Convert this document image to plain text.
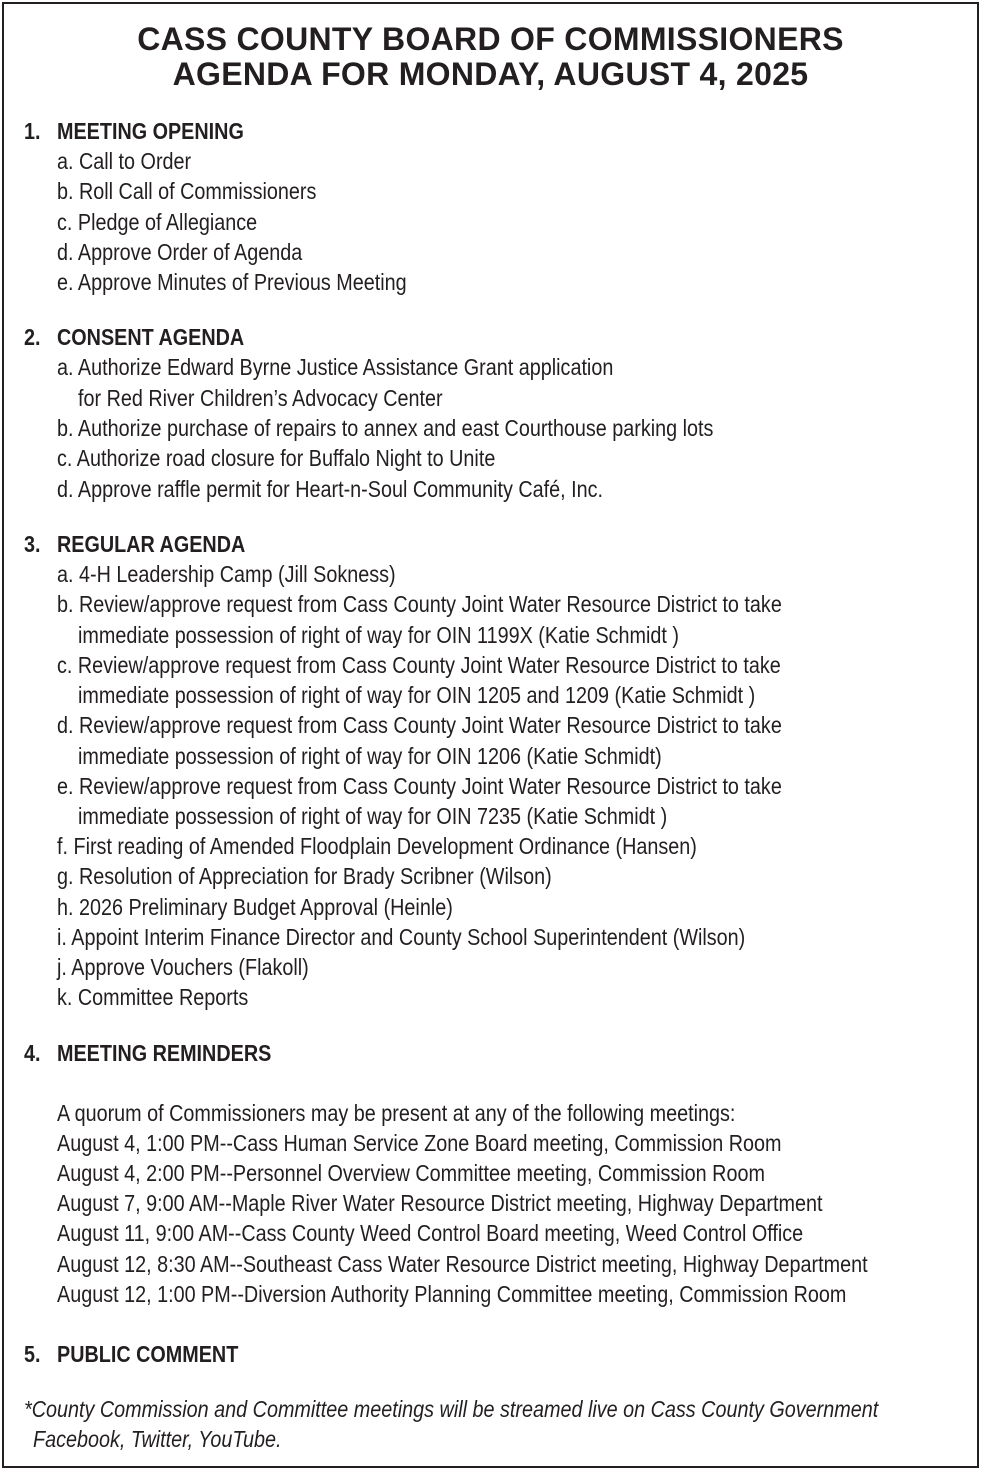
CASS COUNTY BOARD OF COMMISSIONERS
AGENDA FOR MONDAY, AUGUST 4, 2025
1. MEETING OPENING
a. Call to Order
b. Roll Call of Commissioners
c. Pledge of Allegiance
d. Approve Order of Agenda
e. Approve Minutes of Previous Meeting
2. CONSENT AGENDA
a. Authorize Edward Byrne Justice Assistance Grant application
for Red River Children’s Advocacy Center
b. Authorize purchase of repairs to annex and east Courthouse parking lots
c. Authorize road closure for Buffalo Night to Unite
d. Approve raffle permit for Heart-n-Soul Community Café, Inc.
3. REGULAR AGENDA
a. 4-H Leadership Camp (Jill Sokness)
b. Review/approve request from Cass County Joint Water Resource District to take
immediate possession of right of way for OIN 1199X (Katie Schmidt )
c. Review/approve request from Cass County Joint Water Resource District to take
immediate possession of right of way for OIN 1205 and 1209 (Katie Schmidt )
d. Review/approve request from Cass County Joint Water Resource District to take
immediate possession of right of way for OIN 1206 (Katie Schmidt)
e. Review/approve request from Cass County Joint Water Resource District to take
immediate possession of right of way for OIN 7235 (Katie Schmidt )
f. First reading of Amended Floodplain Development Ordinance (Hansen)
g. Resolution of Appreciation for Brady Scribner (Wilson)
h. 2026 Preliminary Budget Approval (Heinle)
i. Appoint Interim Finance Director and County School Superintendent (Wilson)
j. Approve Vouchers (Flakoll)
k. Committee Reports
4. MEETING REMINDERS
A quorum of Commissioners may be present at any of the following meetings:
August 4, 1:00 PM--Cass Human Service Zone Board meeting, Commission Room
August 4, 2:00 PM--Personnel Overview Committee meeting, Commission Room
August 7, 9:00 AM--Maple River Water Resource District meeting, Highway Department
August 11, 9:00 AM--Cass County Weed Control Board meeting, Weed Control Office
August 12, 8:30 AM--Southeast Cass Water Resource District meeting, Highway Department
August 12, 1:00 PM--Diversion Authority Planning Committee meeting, Commission Room
5. PUBLIC COMMENT
*County Commission and Committee meetings will be streamed live on Cass County Government
Facebook, Twitter, YouTube.
